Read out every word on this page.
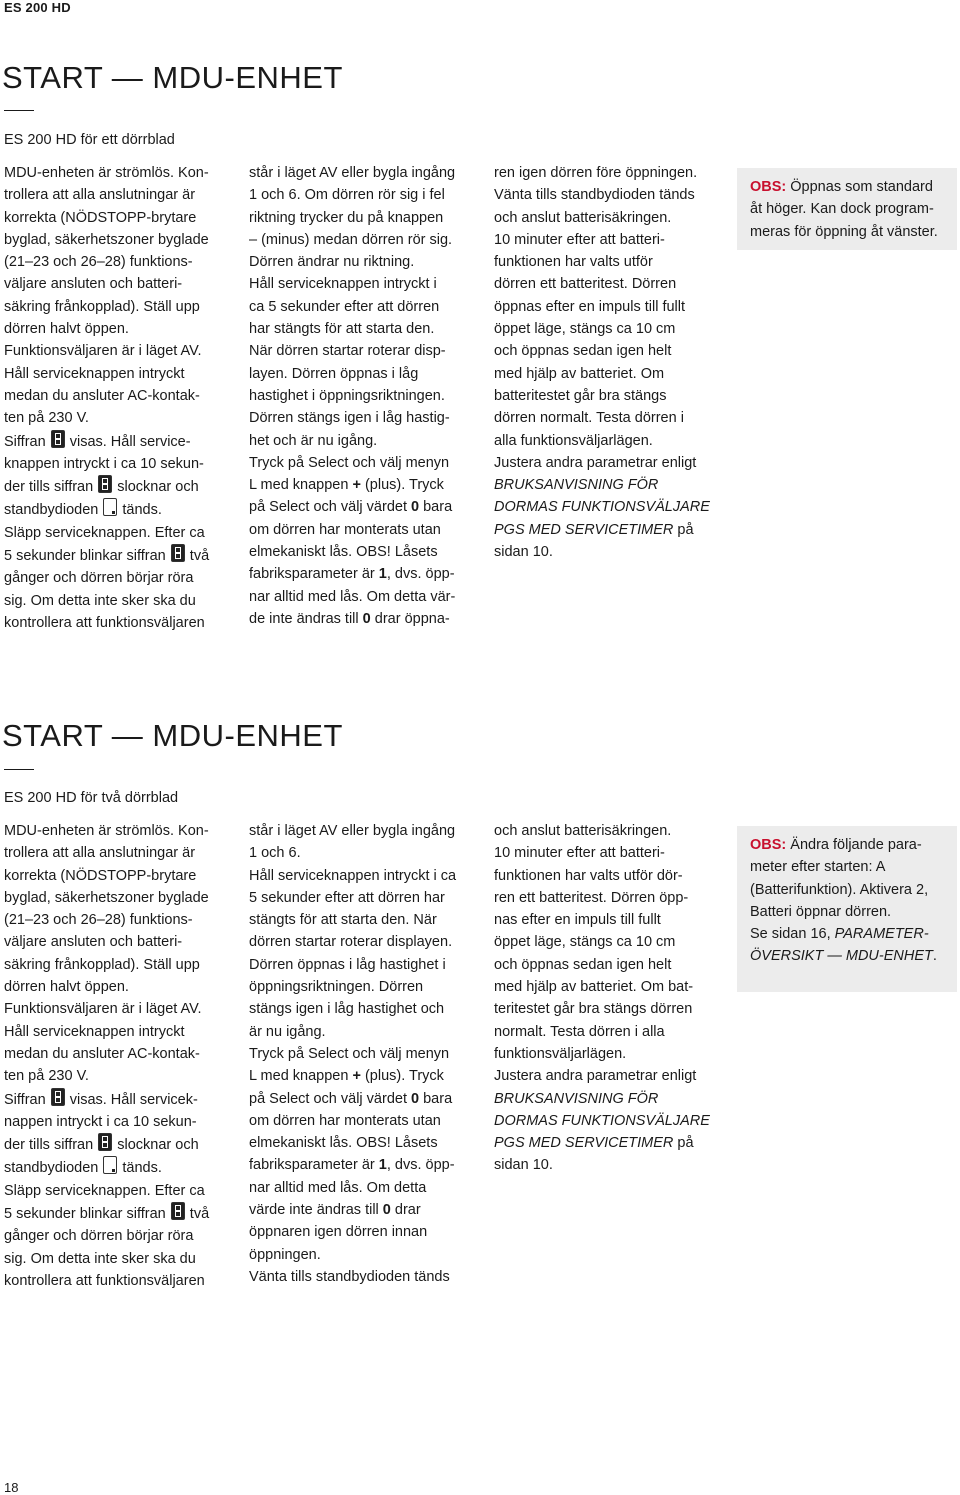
ES 200 HD
START — MDU-ENHET
ES 200 HD för ett dörrblad
MDU-enheten är strömlös. Kon-
trollera att alla anslutningar är
korrekta (NÖDSTOPP-brytare
byglad, säkerhetszoner byglade
(21–23 och 26–28) funktions-
väljare ansluten och batteri-
säkring frånkopplad). Ställ upp
dörren halvt öppen.
Funktionsväljaren är i läget AV.
Håll serviceknappen intryckt
medan du ansluter AC-kontak-
ten på 230 V.
Siffran  visas. Håll service-
knappen intryckt i ca 10 sekun-
der tills siffran  slocknar och
standbydioden  tänds.
Släpp serviceknappen. Efter ca
5 sekunder blinkar siffran  två
gånger och dörren börjar röra
sig. Om detta inte sker ska du
kontrollera att funktionsväljaren
står i läget AV eller bygla ingång
1 och 6. Om dörren rör sig i fel
riktning trycker du på knappen
– (minus) medan dörren rör sig.
Dörren ändrar nu riktning.
Håll serviceknappen intryckt i
ca 5 sekunder efter att dörren
har stängts för att starta den.
När dörren startar roterar disp-
layen. Dörren öppnas i låg
hastighet i öppningsriktningen.
Dörren stängs igen i låg hastig-
het och är nu igång.
Tryck på Select och välj menyn
L med knappen + (plus). Tryck
på Select och välj värdet 0 bara
om dörren har monterats utan
elmekaniskt lås. OBS! Låsets
fabriksparameter är 1, dvs. öpp-
nar alltid med lås. Om detta vär-
de inte ändras till 0 drar öppna-
ren igen dörren före öppningen.
Vänta tills standbydioden tänds
och anslut batterisäkringen.
10 minuter efter att batteri-
funktionen har valts utför
dörren ett batteritest. Dörren
öppnas efter en impuls till fullt
öppet läge, stängs ca 10 cm
och öppnas sedan igen helt
med hjälp av batteriet. Om
batteritestet går bra stängs
dörren normalt. Testa dörren i
alla funktionsväljarlägen.
Justera andra parametrar enligt
BRUKSANVISNING FÖR
DORMAS FUNKTIONSVÄLJARE
PGS MED SERVICETIMER på
sidan 10.
OBS: Öppnas som standard
åt höger. Kan dock program-
meras för öppning åt vänster.
START — MDU-ENHET
ES 200 HD för två dörrblad
MDU-enheten är strömlös. Kon-
trollera att alla anslutningar är
korrekta (NÖDSTOPP-brytare
byglad, säkerhetszoner byglade
(21–23 och 26–28) funktions-
väljare ansluten och batteri-
säkring frånkopplad). Ställ upp
dörren halvt öppen.
Funktionsväljaren är i läget AV.
Håll serviceknappen intryckt
medan du ansluter AC-kontak-
ten på 230 V.
Siffran  visas. Håll servicek-
nappen intryckt i ca 10 sekun-
der tills siffran  slocknar och
standbydioden  tänds.
Släpp serviceknappen. Efter ca
5 sekunder blinkar siffran  två
gånger och dörren börjar röra
sig. Om detta inte sker ska du
kontrollera att funktionsväljaren
står i läget AV eller bygla ingång
1 och 6.
Håll serviceknappen intryckt i ca
5 sekunder efter att dörren har
stängts för att starta den. När
dörren startar roterar displayen.
Dörren öppnas i låg hastighet i
öppningsriktningen. Dörren
stängs igen i låg hastighet och
är nu igång.
Tryck på Select och välj menyn
L med knappen + (plus). Tryck
på Select och välj värdet 0 bara
om dörren har monterats utan
elmekaniskt lås. OBS! Låsets
fabriksparameter är 1, dvs. öpp-
nar alltid med lås. Om detta
värde inte ändras till 0 drar
öppnaren igen dörren innan
öppningen.
Vänta tills standbydioden tänds
och anslut batterisäkringen.
10 minuter efter att batteri-
funktionen har valts utför dör-
ren ett batteritest. Dörren öpp-
nas efter en impuls till fullt
öppet läge, stängs ca 10 cm
och öppnas sedan igen helt
med hjälp av batteriet. Om bat-
teritestet går bra stängs dörren
normalt. Testa dörren i alla
funktionsväljarlägen.
Justera andra parametrar enligt
BRUKSANVISNING FÖR
DORMAS FUNKTIONSVÄLJARE
PGS MED SERVICETIMER på
sidan 10.
OBS: Ändra följande para-
meter efter starten: A
(Batterifunktion). Aktivera 2,
Batteri öppnar dörren.
Se sidan 16, PARAMETER-
ÖVERSIKT — MDU-ENHET.
18
